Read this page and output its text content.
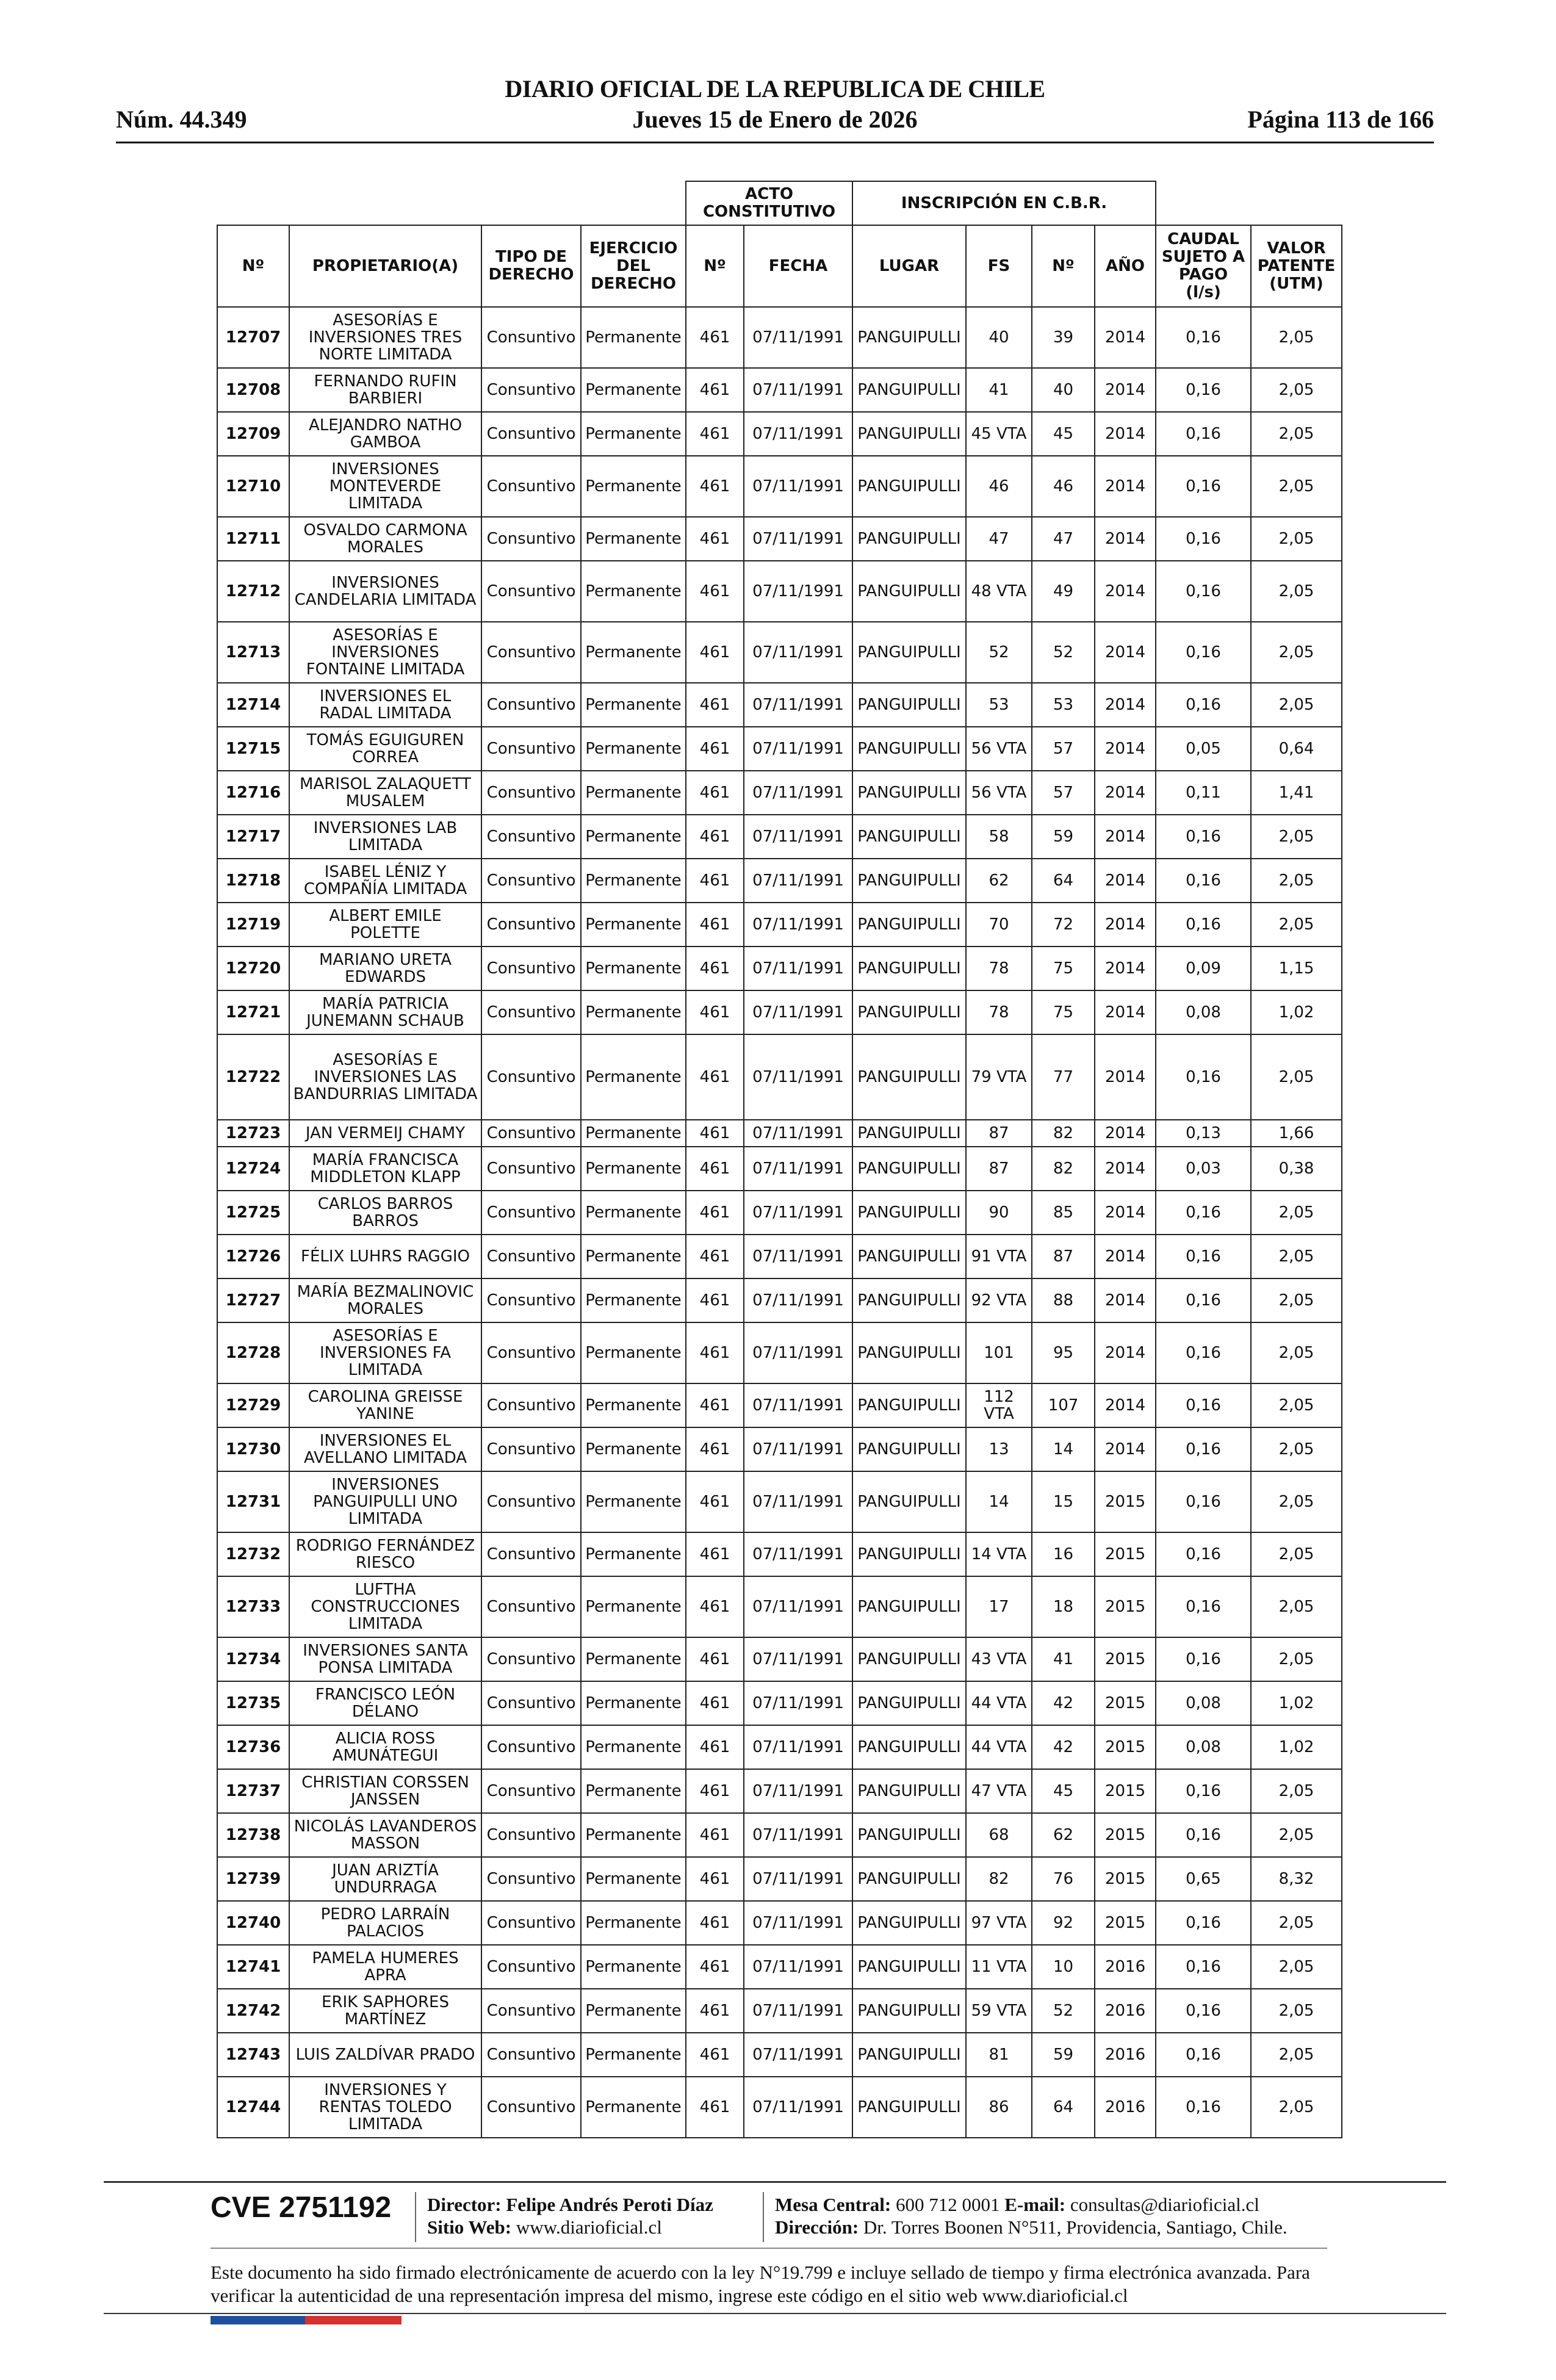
DIARIO OFICIAL DE LA REPUBLICA DE CHILE
Núm. 44.349	Jueves 15 de Enero de 2026	Página 113 de 166
				ACTO CONSTITUTIVO		INSCRIPCIÓN EN C.B.R.					
Nº	PROPIETARIO(A)	TIPO DE DERECHO	EJERCICIO DEL DERECHO	Nº	FECHA	LUGAR	FS	Nº	AÑO	CAUDAL SUJETO A PAGO (l/s)	VALOR PATENTE (UTM)
12707	ASESORÍAS E INVERSIONES TRES NORTE LIMITADA	Consuntivo	Permanente	461	07/11/1991	PANGUIPULLI	40	39	2014	0,16	2,05
12708	FERNANDO RUFIN BARBIERI	Consuntivo	Permanente	461	07/11/1991	PANGUIPULLI	41	40	2014	0,16	2,05
12709	ALEJANDRO NATHO GAMBOA	Consuntivo	Permanente	461	07/11/1991	PANGUIPULLI	45 VTA	45	2014	0,16	2,05
12710	INVERSIONES MONTEVERDE LIMITADA	Consuntivo	Permanente	461	07/11/1991	PANGUIPULLI	46	46	2014	0,16	2,05
12711	OSVALDO CARMONA MORALES	Consuntivo	Permanente	461	07/11/1991	PANGUIPULLI	47	47	2014	0,16	2,05
12712	INVERSIONES CANDELARIA LIMITADA	Consuntivo	Permanente	461	07/11/1991	PANGUIPULLI	48 VTA	49	2014	0,16	2,05
12713	ASESORÍAS E INVERSIONES FONTAINE LIMITADA	Consuntivo	Permanente	461	07/11/1991	PANGUIPULLI	52	52	2014	0,16	2,05
12714	INVERSIONES EL RADAL LIMITADA	Consuntivo	Permanente	461	07/11/1991	PANGUIPULLI	53	53	2014	0,16	2,05
12715	TOMÁS EGUIGUREN CORREA	Consuntivo	Permanente	461	07/11/1991	PANGUIPULLI	56 VTA	57	2014	0,05	0,64
12716	MARISOL ZALAQUETT MUSALEM	Consuntivo	Permanente	461	07/11/1991	PANGUIPULLI	56 VTA	57	2014	0,11	1,41
12717	INVERSIONES LAB LIMITADA	Consuntivo	Permanente	461	07/11/1991	PANGUIPULLI	58	59	2014	0,16	2,05
12718	ISABEL LÉNIZ Y COMPAÑÍA LIMITADA	Consuntivo	Permanente	461	07/11/1991	PANGUIPULLI	62	64	2014	0,16	2,05
12719	ALBERT EMILE POLETTE	Consuntivo	Permanente	461	07/11/1991	PANGUIPULLI	70	72	2014	0,16	2,05
12720	MARIANO URETA EDWARDS	Consuntivo	Permanente	461	07/11/1991	PANGUIPULLI	78	75	2014	0,09	1,15
12721	MARÍA PATRICIA JUNEMANN SCHAUB	Consuntivo	Permanente	461	07/11/1991	PANGUIPULLI	78	75	2014	0,08	1,02
12722	ASESORÍAS E INVERSIONES LAS BANDURRIAS LIMITADA	Consuntivo	Permanente	461	07/11/1991	PANGUIPULLI	79 VTA	77	2014	0,16	2,05
12723	JAN VERMEIJ CHAMY	Consuntivo	Permanente	461	07/11/1991	PANGUIPULLI	87	82	2014	0,13	1,66
12724	MARÍA FRANCISCA MIDDLETON KLAPP	Consuntivo	Permanente	461	07/11/1991	PANGUIPULLI	87	82	2014	0,03	0,38
12725	CARLOS BARROS BARROS	Consuntivo	Permanente	461	07/11/1991	PANGUIPULLI	90	85	2014	0,16	2,05
12726	FÉLIX LUHRS RAGGIO	Consuntivo	Permanente	461	07/11/1991	PANGUIPULLI	91 VTA	87	2014	0,16	2,05
12727	MARÍA BEZMALINOVIC MORALES	Consuntivo	Permanente	461	07/11/1991	PANGUIPULLI	92 VTA	88	2014	0,16	2,05
12728	ASESORÍAS E INVERSIONES FA LIMITADA	Consuntivo	Permanente	461	07/11/1991	PANGUIPULLI	101	95	2014	0,16	2,05
12729	CAROLINA GREISSE YANINE	Consuntivo	Permanente	461	07/11/1991	PANGUIPULLI	112 VTA	107	2014	0,16	2,05
12730	INVERSIONES EL AVELLANO LIMITADA	Consuntivo	Permanente	461	07/11/1991	PANGUIPULLI	13	14	2014	0,16	2,05
12731	INVERSIONES PANGUIPULLI UNO LIMITADA	Consuntivo	Permanente	461	07/11/1991	PANGUIPULLI	14	15	2015	0,16	2,05
12732	RODRIGO FERNÁNDEZ RIESCO	Consuntivo	Permanente	461	07/11/1991	PANGUIPULLI	14 VTA	16	2015	0,16	2,05
12733	LUFTHA CONSTRUCCIONES LIMITADA	Consuntivo	Permanente	461	07/11/1991	PANGUIPULLI	17	18	2015	0,16	2,05
12734	INVERSIONES SANTA PONSA LIMITADA	Consuntivo	Permanente	461	07/11/1991	PANGUIPULLI	43 VTA	41	2015	0,16	2,05
12735	FRANCISCO LEÓN DÉLANO	Consuntivo	Permanente	461	07/11/1991	PANGUIPULLI	44 VTA	42	2015	0,08	1,02
12736	ALICIA ROSS AMUNÁTEGUI	Consuntivo	Permanente	461	07/11/1991	PANGUIPULLI	44 VTA	42	2015	0,08	1,02
12737	CHRISTIAN CORSSEN JANSSEN	Consuntivo	Permanente	461	07/11/1991	PANGUIPULLI	47 VTA	45	2015	0,16	2,05
12738	NICOLÁS LAVANDEROS MASSON	Consuntivo	Permanente	461	07/11/1991	PANGUIPULLI	68	62	2015	0,16	2,05
12739	JUAN ARIZTÍA UNDURRAGA	Consuntivo	Permanente	461	07/11/1991	PANGUIPULLI	82	76	2015	0,65	8,32
12740	PEDRO LARRAÍN PALACIOS	Consuntivo	Permanente	461	07/11/1991	PANGUIPULLI	97 VTA	92	2015	0,16	2,05
12741	PAMELA HUMERES APRA	Consuntivo	Permanente	461	07/11/1991	PANGUIPULLI	11 VTA	10	2016	0,16	2,05
12742	ERIK SAPHORES MARTÍNEZ	Consuntivo	Permanente	461	07/11/1991	PANGUIPULLI	59 VTA	52	2016	0,16	2,05
12743	LUIS ZALDÍVAR PRADO	Consuntivo	Permanente	461	07/11/1991	PANGUIPULLI	81	59	2016	0,16	2,05
12744	INVERSIONES Y RENTAS TOLEDO LIMITADA	Consuntivo	Permanente	461	07/11/1991	PANGUIPULLI	86	64	2016	0,16	2,05
CVE 2751192 Director: Felipe Andrés Peroti Díaz
Sitio Web: www.diarioficial.cl
Mesa Central: 600 712 0001 E-mail: consultas@diarioficial.cl
Dirección: Dr. Torres Boonen N°511, Providencia, Santiago, Chile.
Este documento ha sido firmado electrónicamente de acuerdo con la ley N°19.799 e incluye sellado de tiempo y firma electrónica avanzada. Para verificar la autenticidad de una representación impresa del mismo, ingrese este código en el sitio web www.diarioficial.cl
